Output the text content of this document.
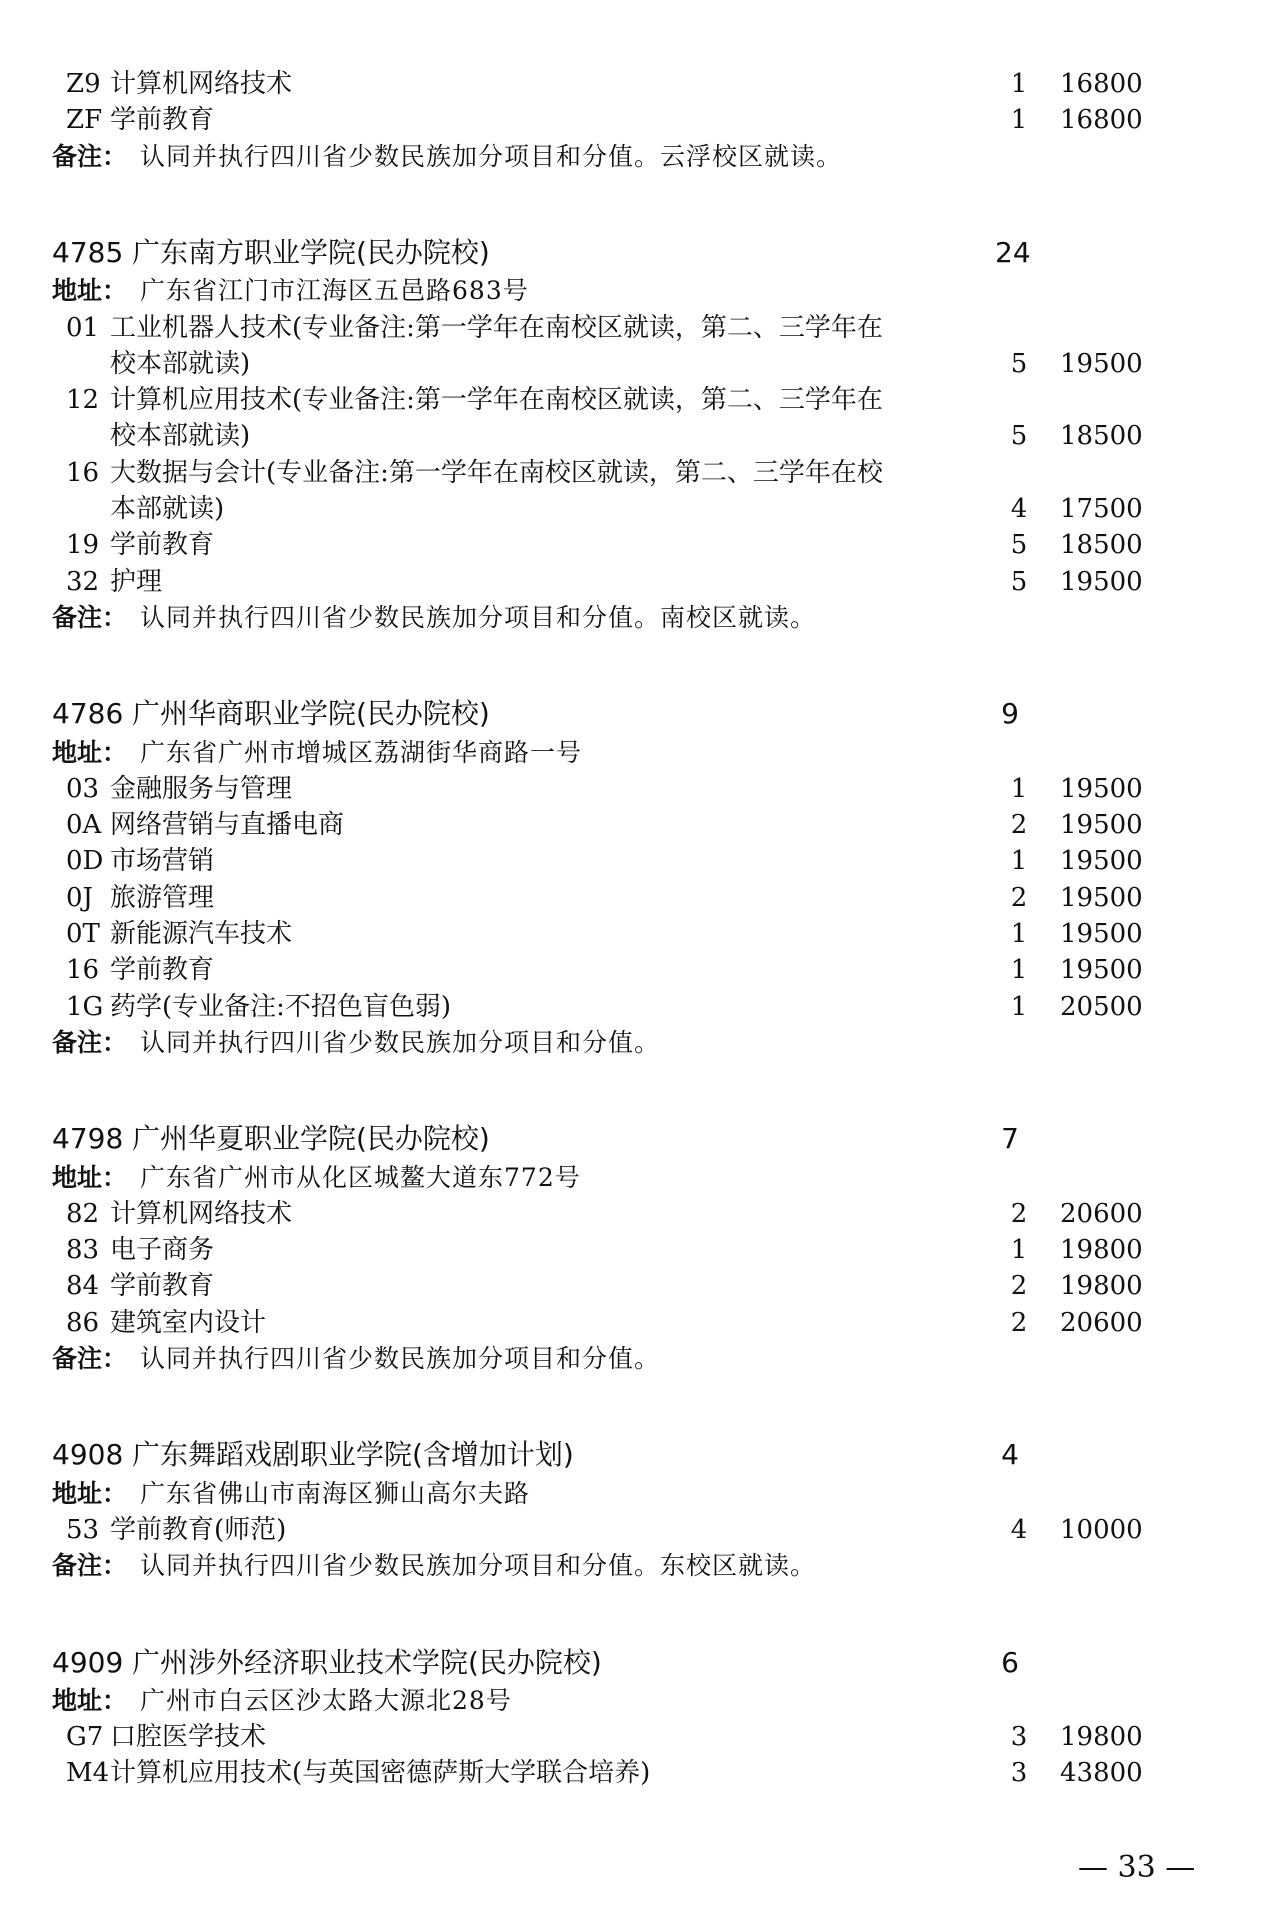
Z9 计算机网络技术	1 16800
ZF 学前教育	1 16800
备注： 认同并执行四川省少数民族加分项目和分值。云浮校区就读。
4785 广东南方职业学院(民办院校)	24
地址： 广东省江门市江海区五邑路683号
01 工业机器人技术(专业备注:第一学年在南校区就读，第二、三学年在
校本部就读)	5 19500
12 计算机应用技术(专业备注:第一学年在南校区就读，第二、三学年在
校本部就读)	5 18500
16 大数据与会计(专业备注:第一学年在南校区就读，第二、三学年在校
本部就读)	4 17500
19 学前教育	5 18500
32 护理	5 19500
备注： 认同并执行四川省少数民族加分项目和分值。南校区就读。
4786 广州华商职业学院(民办院校)	9
地址： 广东省广州市增城区荔湖街华商路一号
03 金融服务与管理	1 19500
0A 网络营销与直播电商	2 19500
0D 市场营销	1 19500
0J 旅游管理	2 19500
0T 新能源汽车技术	1 19500
16 学前教育	1 19500
1G 药学(专业备注:不招色盲色弱)	1 20500
备注： 认同并执行四川省少数民族加分项目和分值。
4798 广州华夏职业学院(民办院校)	7
地址： 广东省广州市从化区城鳌大道东772号
82 计算机网络技术	2 20600
83 电子商务	1 19800
84 学前教育	2 19800
86 建筑室内设计	2 20600
备注： 认同并执行四川省少数民族加分项目和分值。
4908 广东舞蹈戏剧职业学院(含增加计划)	4
地址： 广东省佛山市南海区狮山高尔夫路
53 学前教育(师范)	4 10000
备注： 认同并执行四川省少数民族加分项目和分值。东校区就读。
4909 广州涉外经济职业技术学院(民办院校)	6
地址： 广州市白云区沙太路大源北28号
G7 口腔医学技术	3 19800
M4 计算机应用技术(与英国密德萨斯大学联合培养)	3 43800
— 33 —
